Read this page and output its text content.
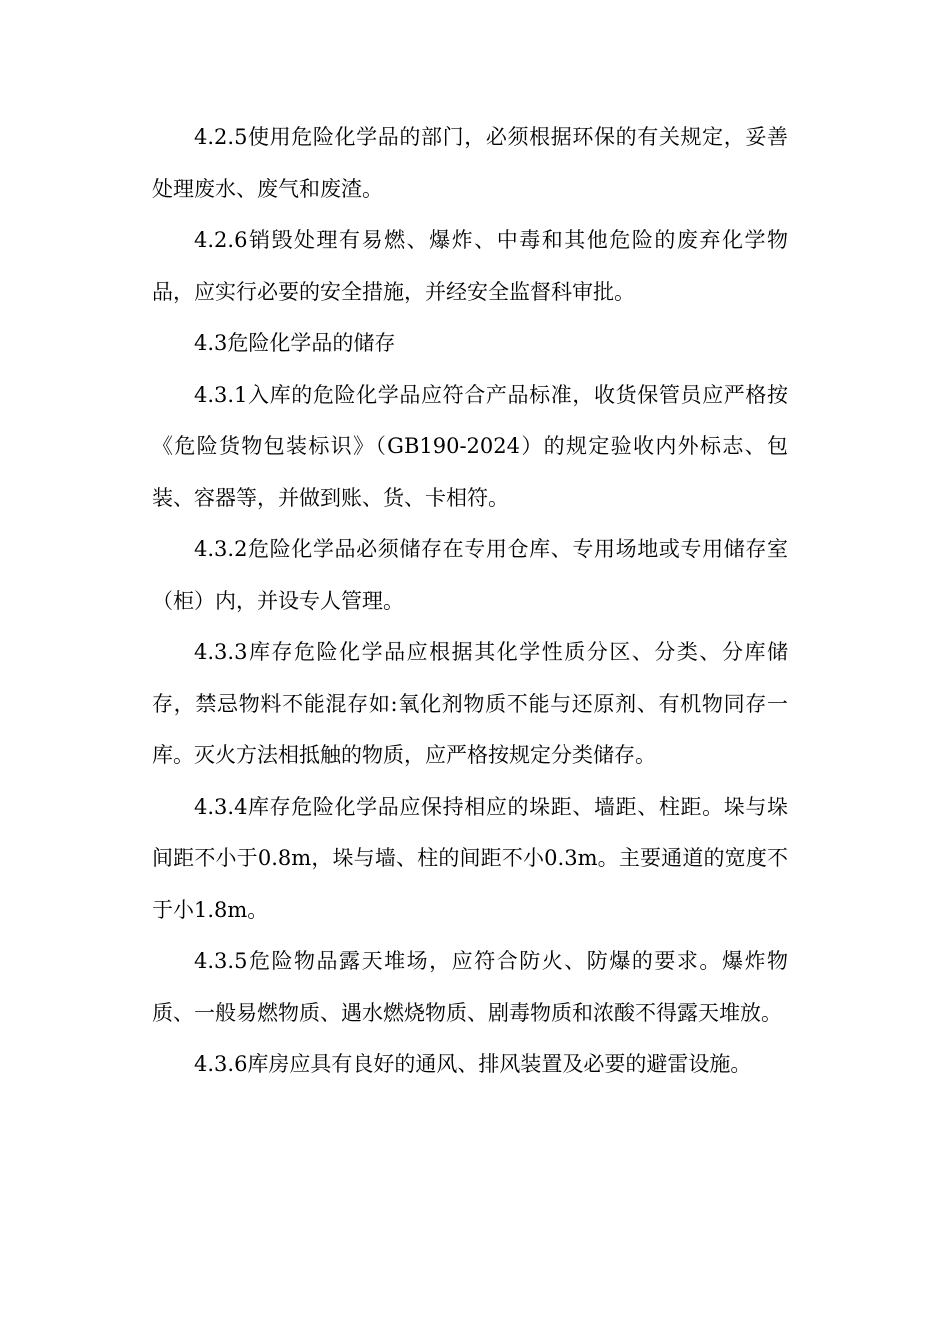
4.2.5使用危险化学品的部门，必须根据环保的有关规定，妥善处理废水、废气和废渣。

4.2.6销毁处理有易燃、爆炸、中毒和其他危险的废弃化学物品，应实行必要的安全措施，并经安全监督科审批。

4.3危险化学品的储存

4.3.1入库的危险化学品应符合产品标准，收货保管员应严格按《危险货物包装标识》（GB190-2024）的规定验收内外标志、包装、容器等，并做到账、货、卡相符。

4.3.2危险化学品必须储存在专用仓库、专用场地或专用储存室（柜）内，并设专人管理。

4.3.3库存危险化学品应根据其化学性质分区、分类、分库储存，禁忌物料不能混存如:氧化剂物质不能与还原剂、有机物同存一库。灭火方法相抵触的物质，应严格按规定分类储存。

4.3.4库存危险化学品应保持相应的垛距、墙距、柱距。垛与垛间距不小于0.8m，垛与墙、柱的间距不小0.3m。主要通道的宽度不于小1.8m。

4.3.5危险物品露天堆场，应符合防火、防爆的要求。爆炸物质、一般易燃物质、遇水燃烧物质、剧毒物质和浓酸不得露天堆放。

4.3.6库房应具有良好的通风、排风装置及必要的避雷设施。
